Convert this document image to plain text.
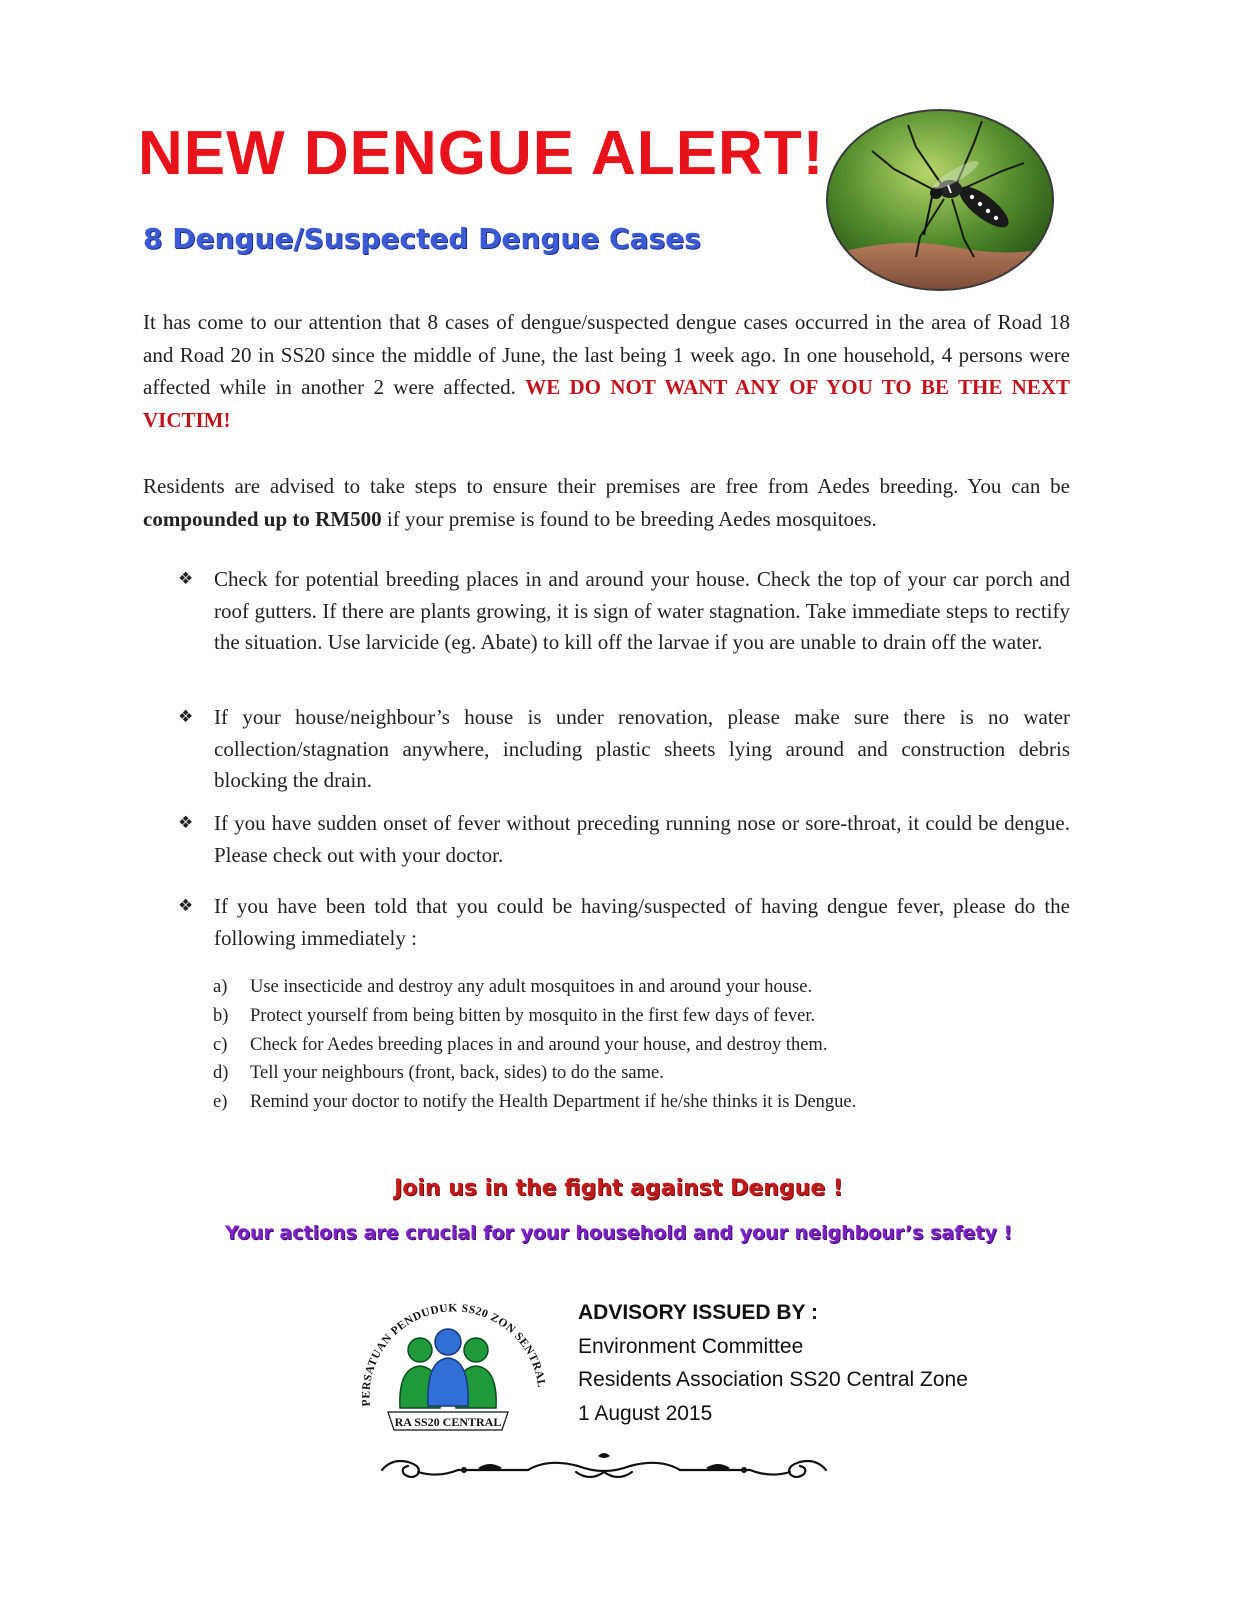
NEW DENGUE ALERT!
8 Dengue/Suspected Dengue Cases
It has come to our attention that 8 cases of dengue/suspected dengue cases occurred in the area of Road 18 and Road 20 in SS20 since the middle of June, the last being 1 week ago. In one household, 4 persons were affected while in another 2 were affected. WE DO NOT WANT ANY OF YOU TO BE THE NEXT VICTIM!
Residents are advised to take steps to ensure their premises are free from Aedes breeding. You can be compounded up to RM500 if your premise is found to be breeding Aedes mosquitoes.
❖ Check for potential breeding places in and around your house. Check the top of your car porch and roof gutters. If there are plants growing, it is sign of water stagnation. Take immediate steps to rectify the situation. Use larvicide (eg. Abate) to kill off the larvae if you are unable to drain off the water.
❖ If your house/neighbour’s house is under renovation, please make sure there is no water collection/stagnation anywhere, including plastic sheets lying around and construction debris blocking the drain.
❖ If you have sudden onset of fever without preceding running nose or sore-throat, it could be dengue. Please check out with your doctor.
❖ If you have been told that you could be having/suspected of having dengue fever, please do the following immediately :
a) Use insecticide and destroy any adult mosquitoes in and around your house.
b) Protect yourself from being bitten by mosquito in the first few days of fever.
c) Check for Aedes breeding places in and around your house, and destroy them.
d) Tell your neighbours (front, back, sides) to do the same.
e) Remind your doctor to notify the Health Department if he/she thinks it is Dengue.
Join us in the fight against Dengue !
Your actions are crucial for your household and your neighbour’s safety !
PERSATUAN PENDUDUK SS20 ZON SENTRAL
RA SS20 CENTRAL
ADVISORY ISSUED BY :
Environment Committee
Residents Association SS20 Central Zone
1 August 2015
